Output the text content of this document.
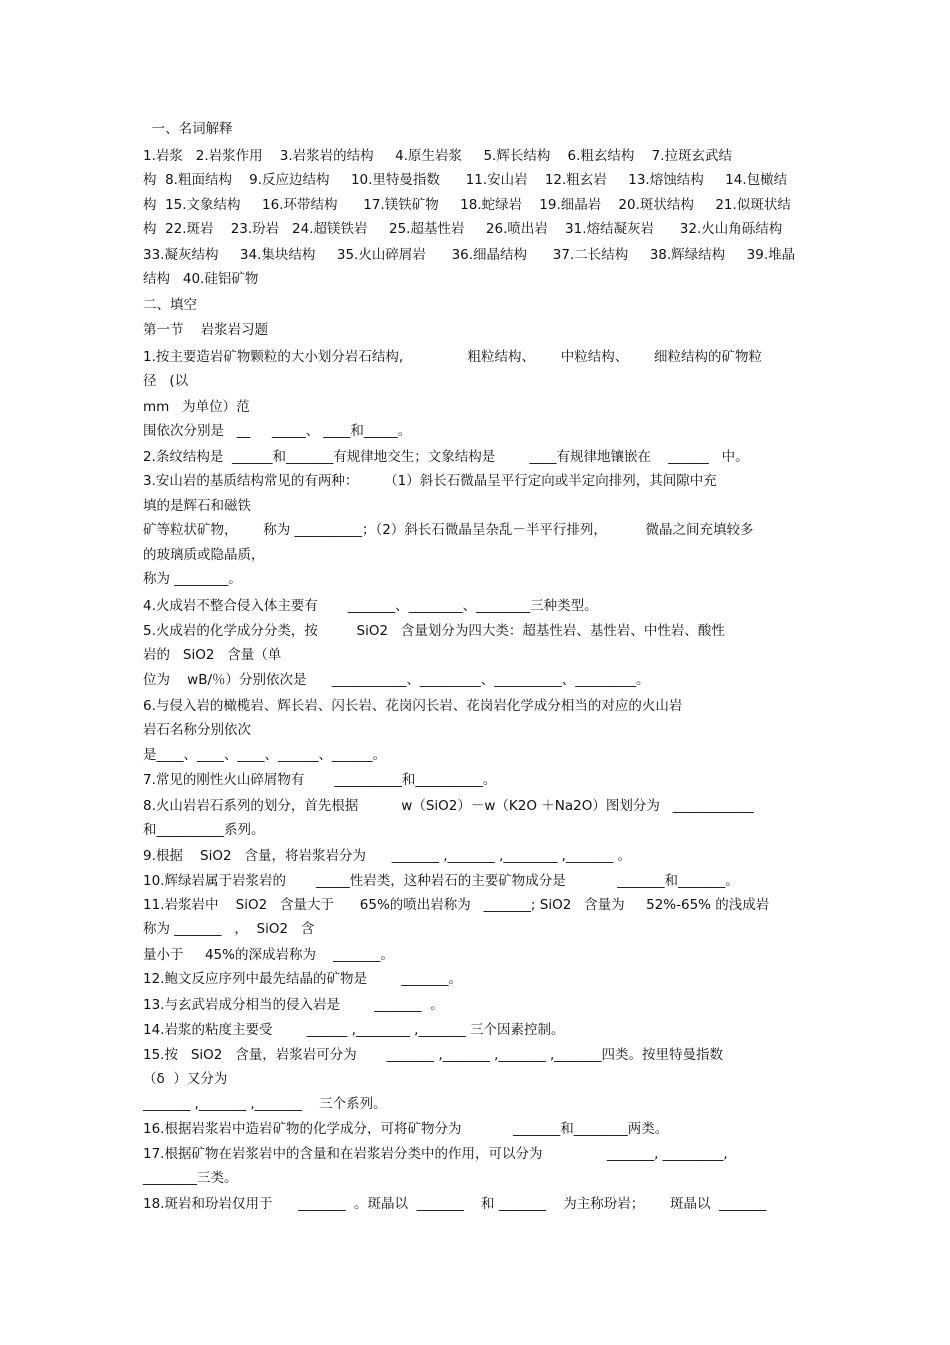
一、名词解释
1.岩浆   2.岩浆作用    3.岩浆岩的结构     4.原生岩浆     5.辉长结构    6.粗玄结构    7.拉斑玄武结
构  8.粗面结构    9.反应边结构     10.里特曼指数      11.安山岩    12.粗玄岩     13.熔蚀结构     14.包橄结
构  15.文象结构     16.环带结构      17.镁铁矿物     18.蛇绿岩    19.细晶岩    20.斑状结构     21.似斑状结
构  22.斑岩    23.玢岩   24.超镁铁岩     25.超基性岩     26.喷出岩    31.熔结凝灰岩      32.火山角砾结构
33.凝灰结构     34.集块结构     35.火山碎屑岩      36.细晶结构      37.二长结构     38.辉绿结构     39.堆晶
结构   40.硅铝矿物
二、填空
第一节    岩浆岩习题
1.按主要造岩矿物颗粒的大小划分岩石结构,               粗粒结构、      中粒结构、      细粒结构的矿物粒
径   (以
mm   为单位）范
围依次分别是   __     _____、 ____和_____。
2.条纹结构是  ______和_______有规律地交生；文象结构是        ____有规律地镶嵌在    ______   中。
3.安山岩的基质结构常见的有两种：      （1）斜长石微晶呈平行定向或半定向排列，其间隙中充
填的是辉石和磁铁
矿等粒状矿物，      称为 __________；（2）斜长石微晶呈杂乱－半平行排列，         微晶之间充填较多
的玻璃质或隐晶质，
称为 ________。
4.火成岩不整合侵入体主要有       _______、________、________三种类型。
5.火成岩的化学成分分类，按         SiO2   含量划分为四大类：超基性岩、基性岩、中性岩、酸性
岩的   SiO2   含量（单
位为    wB/％）分别依次是      ___________、_________、__________、_________。
6.与侵入岩的橄榄岩、辉长岩、闪长岩、花岗闪长岩、花岗岩化学成分相当的对应的火山岩
岩石名称分别依次
是____、____、____、______、______。
7.常见的刚性火山碎屑物有       __________和__________。
8.火山岩岩石系列的划分，首先根据          w（SiO2）－w（K2O ＋Na2O）图划分为   ____________
和__________系列。
9.根据    SiO2   含量，将岩浆岩分为      _______ ,_______ ,________ ,_______ 。
10.辉绿岩属于岩浆岩的       _____性岩类，这种岩石的主要矿物成分是            _______和_______。
11.岩浆岩中    SiO2   含量大于      65%的喷出岩称为   _______; SiO2   含量为     52%-65% 的浅成岩
称为 _______   ，  SiO2   含
量小于     45%的深成岩称为    _______。
12.鲍文反应序列中最先结晶的矿物是        _______。
13.与玄武岩成分相当的侵入岩是        _______  。
14.岩浆的粘度主要受        ______ ,________ ,_______ 三个因素控制。
15.按   SiO2   含量，岩浆岩可分为       _______ ,_______ ,_______ ,_______四类。按里特曼指数
（δ  ）又分为
_______ ,_______ ,_______    三个系列。
16.根据岩浆岩中造岩矿物的化学成分，可将矿物分为            _______和________两类。
17.根据矿物在岩浆岩中的含量和在岩浆岩分类中的作用，可以分为               _______, _________,
________三类。
18.斑岩和玢岩仅用于      _______  。斑晶以  _______    和 _______    为主称玢岩；      斑晶以  _______
